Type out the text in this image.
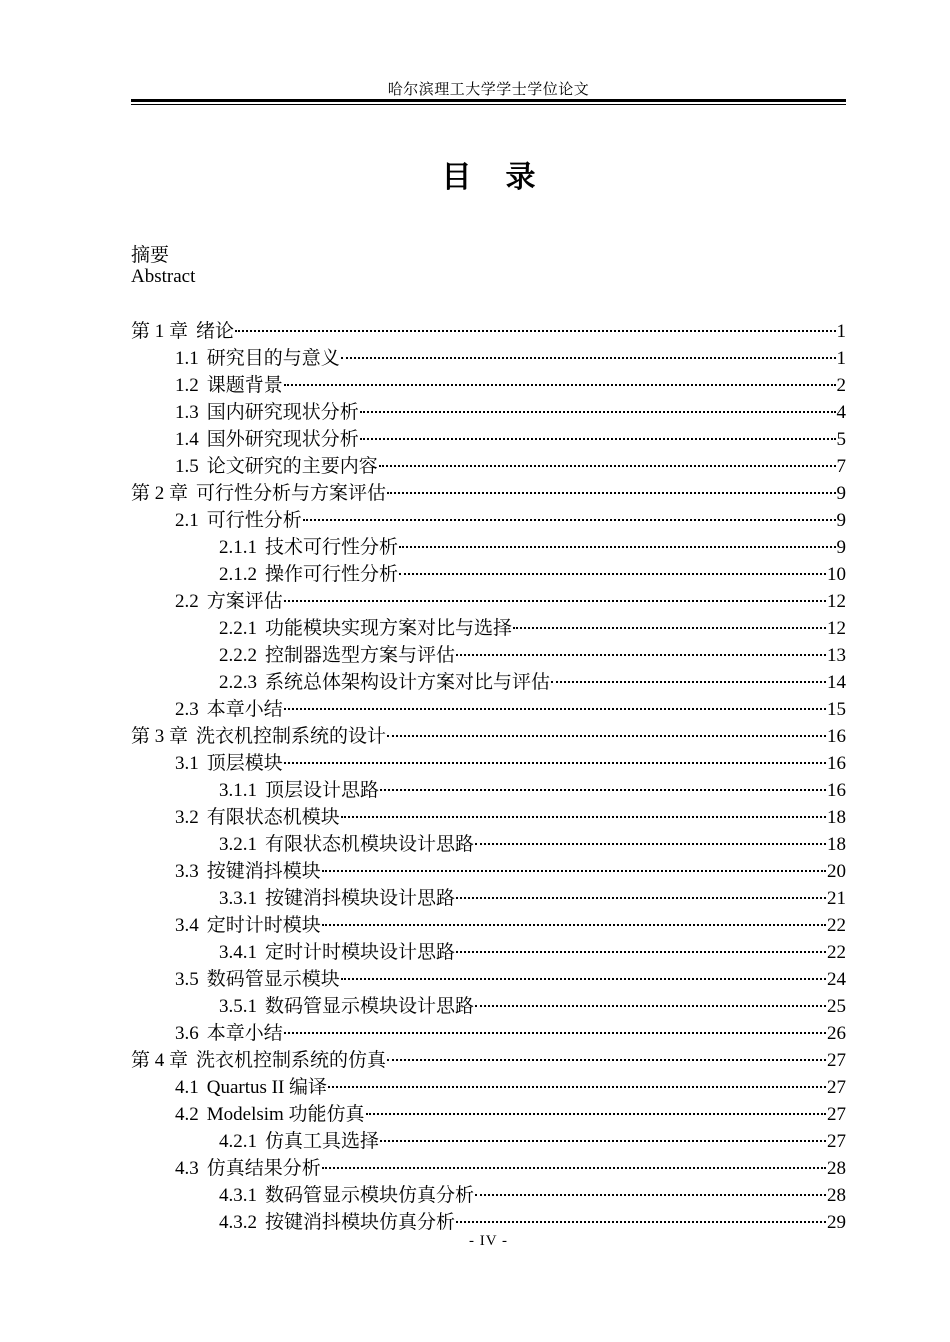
哈尔滨理工大学学士学位论文
目 录
摘要
Abstract
第 1 章 绪论	1
1.1 研究目的与意义	1
1.2 课题背景	2
1.3 国内研究现状分析	4
1.4 国外研究现状分析	5
1.5 论文研究的主要内容	7
第 2 章 可行性分析与方案评估	9
2.1 可行性分析	9
2.1.1 技术可行性分析	9
2.1.2 操作可行性分析	10
2.2 方案评估	12
2.2.1 功能模块实现方案对比与选择	12
2.2.2 控制器选型方案与评估	13
2.2.3 系统总体架构设计方案对比与评估	14
2.3 本章小结	15
第 3 章 洗衣机控制系统的设计	16
3.1 顶层模块	16
3.1.1 顶层设计思路	16
3.2 有限状态机模块	18
3.2.1 有限状态机模块设计思路	18
3.3 按键消抖模块	20
3.3.1 按键消抖模块设计思路	21
3.4 定时计时模块	22
3.4.1 定时计时模块设计思路	22
3.5 数码管显示模块	24
3.5.1 数码管显示模块设计思路	25
3.6 本章小结	26
第 4 章 洗衣机控制系统的仿真	27
4.1 Quartus II 编译	27
4.2 Modelsim 功能仿真	27
4.2.1 仿真工具选择	27
4.3 仿真结果分析	28
4.3.1 数码管显示模块仿真分析	28
4.3.2 按键消抖模块仿真分析	29
- IV -
